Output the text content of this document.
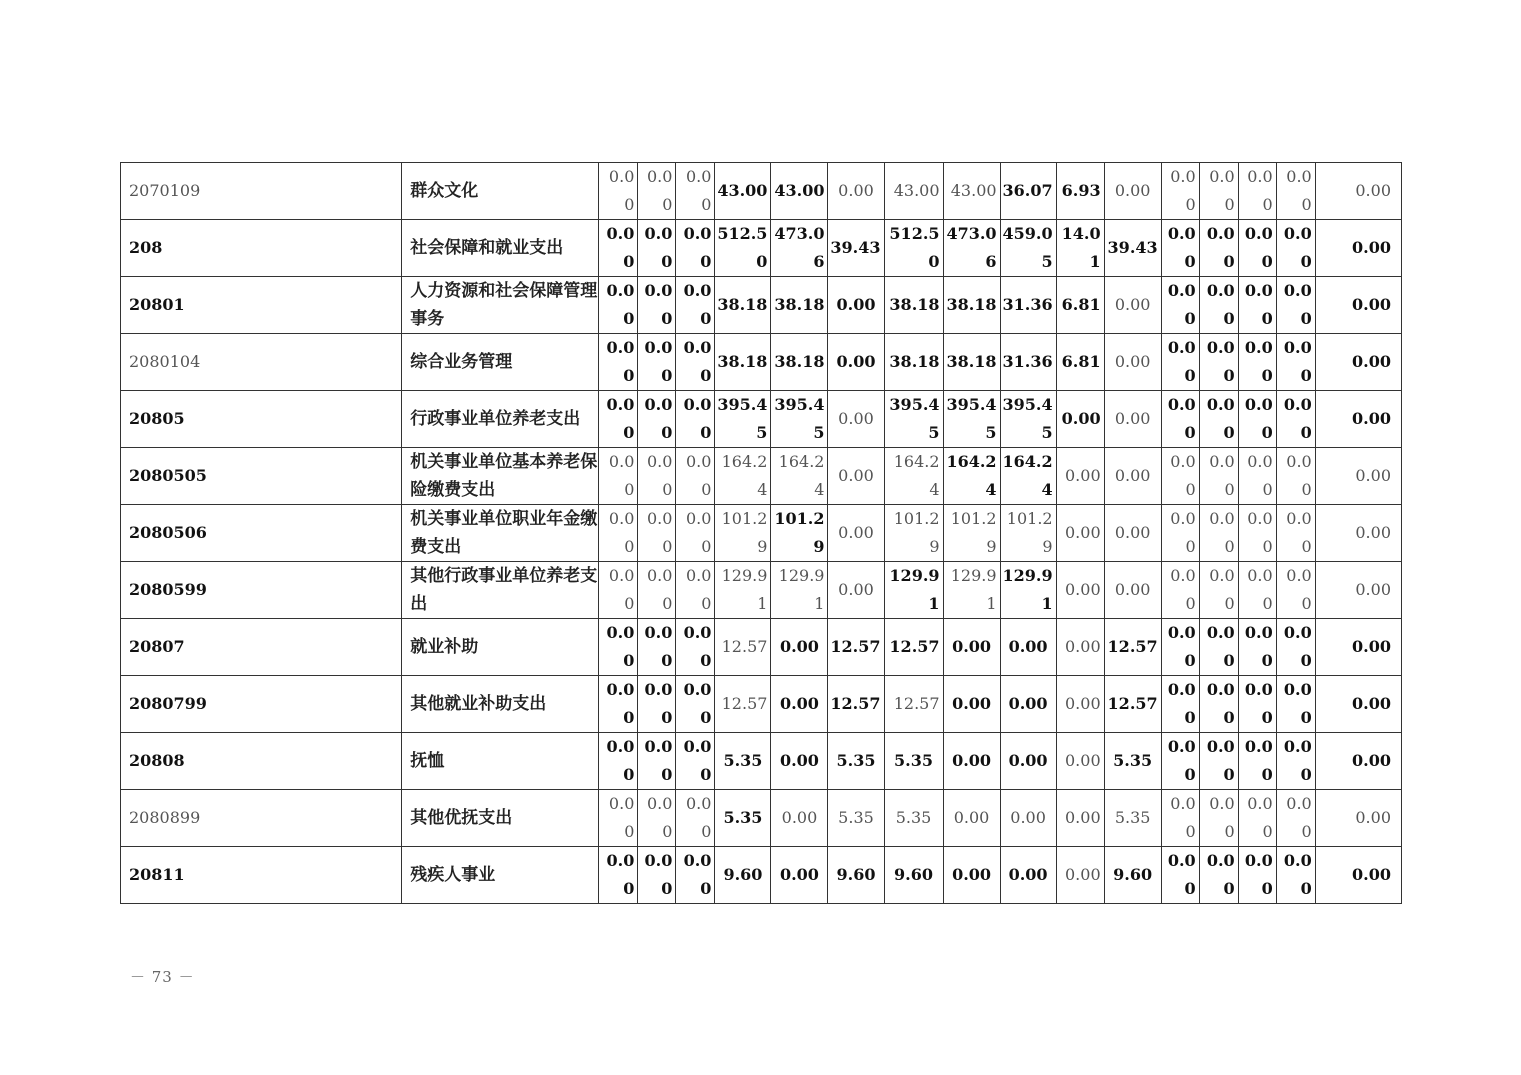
2070109	群众文化	0.00	0.00	0.00	43.00	43.00	0.00	43.00	43.00	36.07	6.93	0.00	0.00	0.00	0.00	0.00	0.00
208	社会保障和就业支出	0.00	0.00	0.00	512.50	473.06	39.43	512.50	473.06	459.05	14.01	39.43	0.00	0.00	0.00	0.00	0.00
20801	人力资源和社会保障管理事务	0.00	0.00	0.00	38.18	38.18	0.00	38.18	38.18	31.36	6.81	0.00	0.00	0.00	0.00	0.00	0.00
2080104	综合业务管理	0.00	0.00	0.00	38.18	38.18	0.00	38.18	38.18	31.36	6.81	0.00	0.00	0.00	0.00	0.00	0.00
20805	行政事业单位养老支出	0.00	0.00	0.00	395.45	395.45	0.00	395.45	395.45	395.45	0.00	0.00	0.00	0.00	0.00	0.00	0.00
2080505	机关事业单位基本养老保险缴费支出	0.00	0.00	0.00	164.24	164.24	0.00	164.24	164.24	164.24	0.00	0.00	0.00	0.00	0.00	0.00	0.00
2080506	机关事业单位职业年金缴费支出	0.00	0.00	0.00	101.29	101.29	0.00	101.29	101.29	101.29	0.00	0.00	0.00	0.00	0.00	0.00	0.00
2080599	其他行政事业单位养老支出	0.00	0.00	0.00	129.91	129.91	0.00	129.91	129.91	129.91	0.00	0.00	0.00	0.00	0.00	0.00	0.00
20807	就业补助	0.00	0.00	0.00	12.57	0.00	12.57	12.57	0.00	0.00	0.00	12.57	0.00	0.00	0.00	0.00	0.00
2080799	其他就业补助支出	0.00	0.00	0.00	12.57	0.00	12.57	12.57	0.00	0.00	0.00	12.57	0.00	0.00	0.00	0.00	0.00
20808	抚恤	0.00	0.00	0.00	5.35	0.00	5.35	5.35	0.00	0.00	0.00	5.35	0.00	0.00	0.00	0.00	0.00
2080899	其他优抚支出	0.00	0.00	0.00	5.35	0.00	5.35	5.35	0.00	0.00	0.00	5.35	0.00	0.00	0.00	0.00	0.00
20811	残疾人事业	0.00	0.00	0.00	9.60	0.00	9.60	9.60	0.00	0.00	0.00	9.60	0.00	0.00	0.00	0.00	0.00
－ 73 －
